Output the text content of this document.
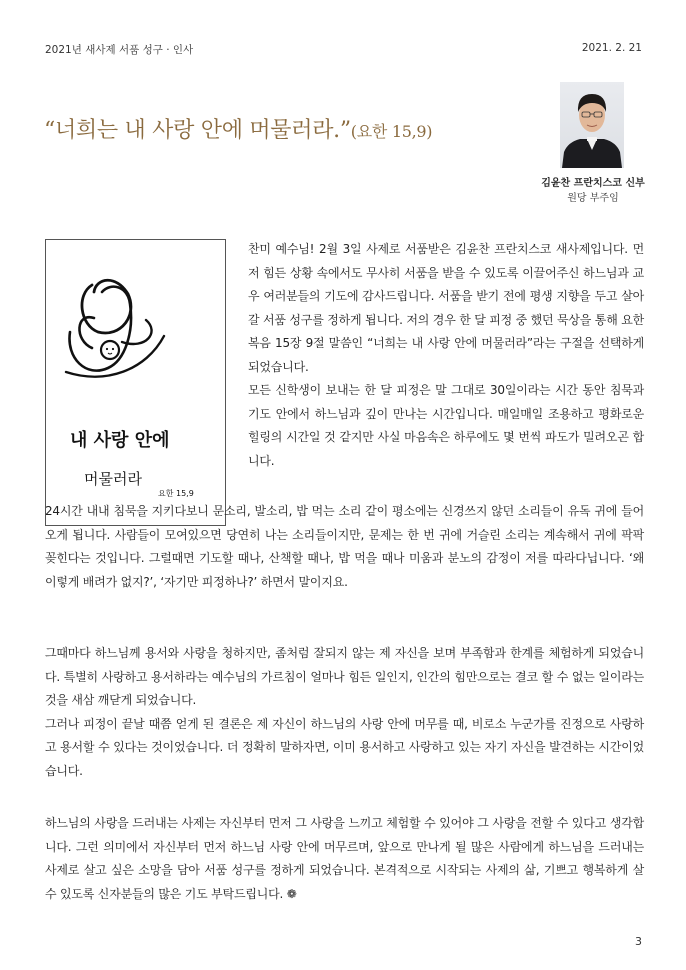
2021년 새사제 서품 성구 · 인사	2021. 2. 21
“너희는 내 사랑 안에 머물러라.”(요한 15,9)
김윤찬 프란치스코 신부
원당 부주임
내 사랑 안에
머물러라
요한 15,9

찬미 예수님! 2월 3일 사제로 서품받은 김윤찬 프란치스코 새사제입니다. 먼저 힘든 상황 속에서도 무사히 서품을 받을 수 있도록 이끌어주신 하느님과 교우 여러분들의 기도에 감사드립니다. 서품을 받기 전에 평생 지향을 두고 살아갈 서품 성구를 정하게 됩니다. 저의 경우 한 달 피정 중 했던 묵상을 통해 요한복음 15장 9절 말씀인 “너희는 내 사랑 안에 머물러라”라는 구절을 선택하게 되었습니다.

모든 신학생이 보내는 한 달 피정은 말 그대로 30일이라는 시간 동안 침묵과 기도 안에서 하느님과 깊이 만나는 시간입니다. 매일매일 조용하고 평화로운 힐링의 시간일 것 같지만 사실 마음속은 하루에도 몇 번씩 파도가 밀려오곤 합니다.

24시간 내내 침묵을 지키다보니 문소리, 발소리, 밥 먹는 소리 같이 평소에는 신경쓰지 않던 소리들이 유독 귀에 들어오게 됩니다. 사람들이 모여있으면 당연히 나는 소리들이지만, 문제는 한 번 귀에 거슬린 소리는 계속해서 귀에 팍팍 꽂힌다는 것입니다. 그럴때면 기도할 때나, 산책할 때나, 밥 먹을 때나 미움과 분노의 감정이 저를 따라다닙니다. ‘왜 이렇게 배려가 없지?’, ‘자기만 피정하나?’ 하면서 말이지요.

그때마다 하느님께 용서와 사랑을 청하지만, 좀처럼 잘되지 않는 제 자신을 보며 부족함과 한계를 체험하게 되었습니다. 특별히 사랑하고 용서하라는 예수님의 가르침이 얼마나 힘든 일인지, 인간의 힘만으로는 결코 할 수 없는 일이라는 것을 새삼 깨닫게 되었습니다.

그러나 피정이 끝날 때쯤 얻게 된 결론은 제 자신이 하느님의 사랑 안에 머무를 때, 비로소 누군가를 진정으로 사랑하고 용서할 수 있다는 것이었습니다. 더 정확히 말하자면, 이미 용서하고 사랑하고 있는 자기 자신을 발견하는 시간이었습니다.

하느님의 사랑을 드러내는 사제는 자신부터 먼저 그 사랑을 느끼고 체험할 수 있어야 그 사랑을 전할 수 있다고 생각합니다. 그런 의미에서 자신부터 먼저 하느님 사랑 안에 머무르며, 앞으로 만나게 될 많은 사람에게 하느님을 드러내는 사제로 살고 싶은 소망을 담아 서품 성구를 정하게 되었습니다. 본격적으로 시작되는 사제의 삶, 기쁘고 행복하게 살 수 있도록 신자분들의 많은 기도 부탁드립니다. ❁

3
